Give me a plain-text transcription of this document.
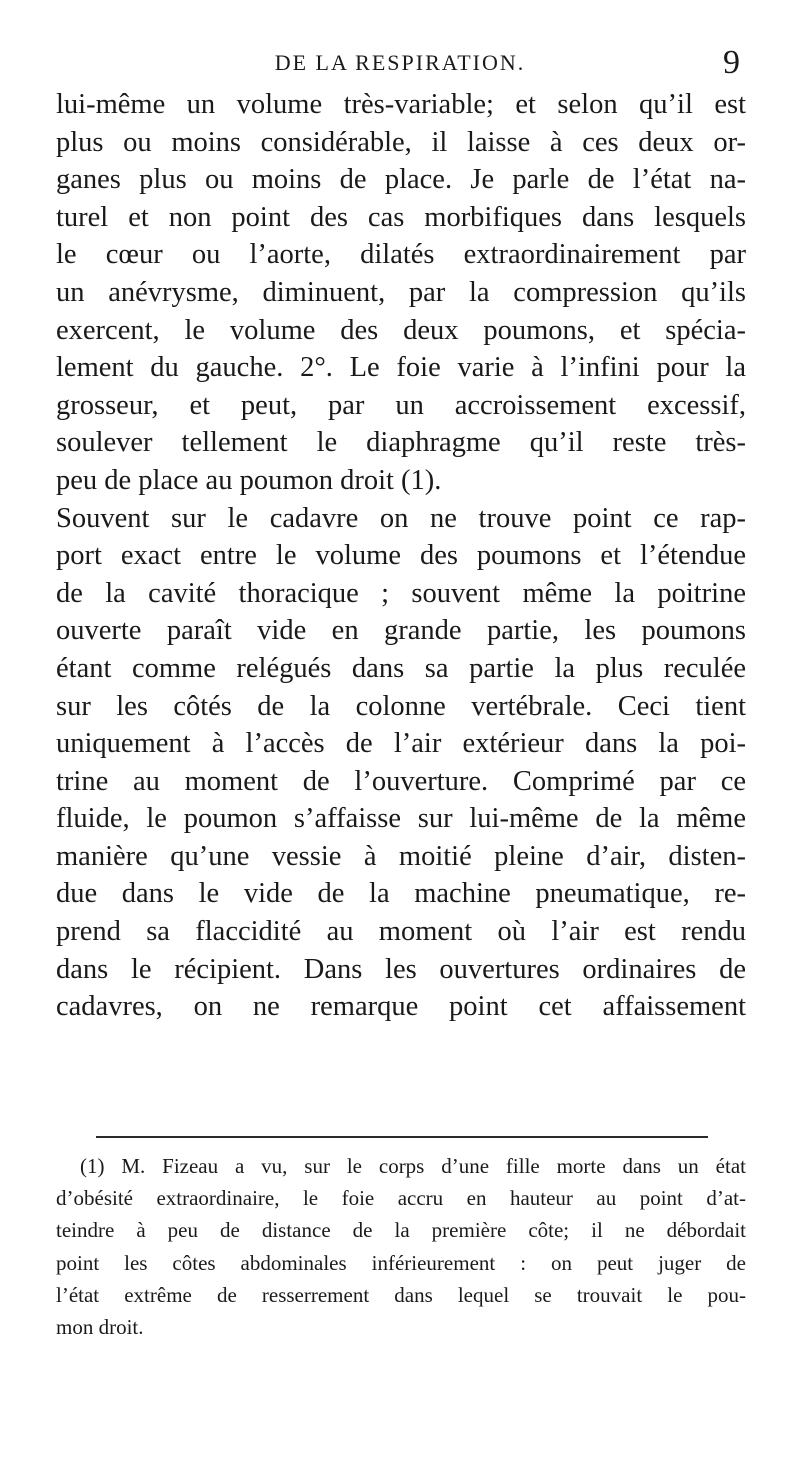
DE LA RESPIRATION.	9
lui-même un volume très-variable; et selon qu’il est
plus ou moins considérable, il laisse à ces deux or-
ganes plus ou moins de place. Je parle de l’état na-
turel et non point des cas morbifiques dans lesquels
le cœur ou l’aorte, dilatés extraordinairement par
un anévrysme, diminuent, par la compression qu’ils
exercent, le volume des deux poumons, et spécia-
lement du gauche. 2°. Le foie varie à l’infini pour la
grosseur, et peut, par un accroissement excessif,
soulever tellement le diaphragme qu’il reste très-
peu de place au poumon droit (1).
Souvent sur le cadavre on ne trouve point ce rap-
port exact entre le volume des poumons et l’étendue
de la cavité thoracique ; souvent même la poitrine
ouverte paraît vide en grande partie, les poumons
étant comme relégués dans sa partie la plus reculée
sur les côtés de la colonne vertébrale. Ceci tient
uniquement à l’accès de l’air extérieur dans la poi-
trine au moment de l’ouverture. Comprimé par ce
fluide, le poumon s’affaisse sur lui-même de la même
manière qu’une vessie à moitié pleine d’air, disten-
due dans le vide de la machine pneumatique, re-
prend sa flaccidité au moment où l’air est rendu
dans le récipient. Dans les ouvertures ordinaires de
cadavres, on ne remarque point cet affaissement
(1) M. Fizeau a vu, sur le corps d’une fille morte dans un état
d’obésité extraordinaire, le foie accru en hauteur au point d’at-
teindre à peu de distance de la première côte; il ne débordait
point les côtes abdominales inférieurement : on peut juger de
l’état extrême de resserrement dans lequel se trouvait le pou-
mon droit.
